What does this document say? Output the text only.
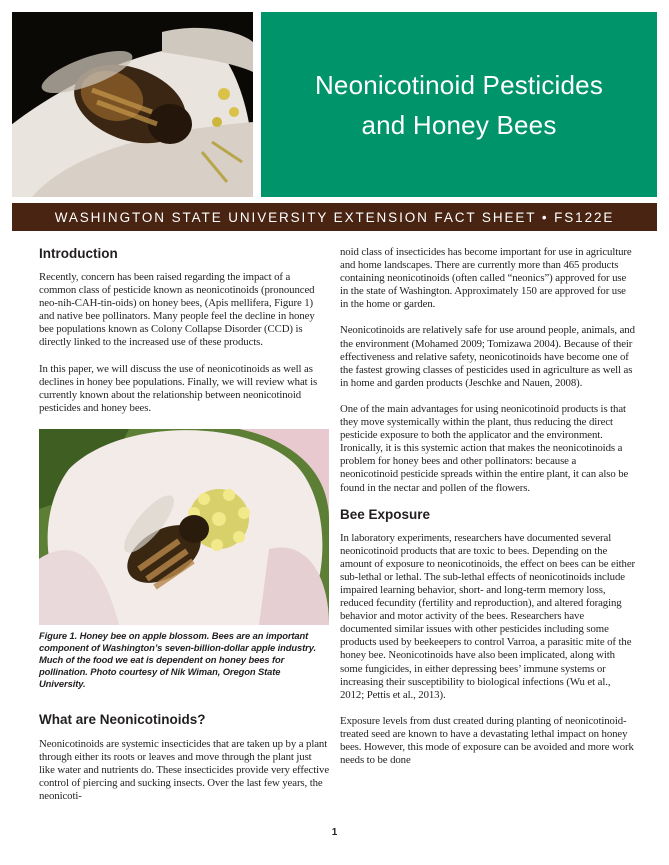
Neonicotinoid Pesticides
and Honey Bees
WASHINGTON STATE UNIVERSITY EXTENSION FACT SHEET • FS122E
Introduction

Recently, concern has been raised regarding the impact of a common class of pesticide known as neonicotinoids (pronounced neo-nih-CAH-tin-oids) on honey bees, (Apis mellifera, Figure 1) and native bee pollinators. Many people feel the decline in honey bee populations known as Colony Collapse Disorder (CCD) is directly linked to the increased use of these products.

In this paper, we will discuss the use of neonicotinoids as well as declines in honey bee populations. Finally, we will review what is currently known about the relationship between neonicotinoid pesticides and honey bees.

Figure 1. Honey bee on apple blossom. Bees are an important component of Washington’s seven-billion-dollar apple industry. Much of the food we eat is dependent on honey bees for pollination. Photo courtesy of Nik Wiman, Oregon State University.
What are Neonicotinoids?

Neonicotinoids are systemic insecticides that are taken up by a plant through either its roots or leaves and move through the plant just like water and nutrients do. These insecticides provide very effective control of piercing and sucking insects. Over the last few years, the neonicoti-

noid class of insecticides has become important for use in agriculture and home landscapes. There are currently more than 465 products containing neonicotinoids (often called “neonics”) approved for use in the state of Washington. Approximately 150 are approved for use in the home or garden.

Neonicotinoids are relatively safe for use around people, animals, and the environment (Mohamed 2009; Tomizawa 2004). Because of their effectiveness and relative safety, neonicotinoids have become one of the fastest growing classes of pesticides used in agriculture as well as in home and garden products (Jeschke and Nauen, 2008).

One of the main advantages for using neonicotinoid products is that they move systemically within the plant, thus reducing the direct pesticide exposure to both the applicator and the environment. Ironically, it is this systemic action that makes the neonicotinoids a problem for honey bees and other pollinators: because a neonicotinoid pesticide spreads within the entire plant, it can also be found in the nectar and pollen of the flowers.

Bee Exposure

In laboratory experiments, researchers have documented several neonicotinoid products that are toxic to bees. Depending on the amount of exposure to neonicotinoids, the effect on bees can be either sub-lethal or lethal. The sub-lethal effects of neonicotinoids include impaired learning behavior, short- and long-term memory loss, reduced fecundity (fertility and reproduction), and altered foraging behavior and motor activity of the bees. Researchers have documented similar issues with other pesticides including some products used by beekeepers to control Varroa, a parasitic mite of the honey bee. Neonicotinoids have also been implicated, along with some fungicides, in either depressing bees’ immune systems or increasing their susceptibility to biological infections (Wu et al., 2012; Pettis et al., 2013).

Exposure levels from dust created during planting of neonicotinoid-treated seed are known to have a devastating lethal impact on honey bees. However, this mode of exposure can be avoided and more work needs to be done

1
